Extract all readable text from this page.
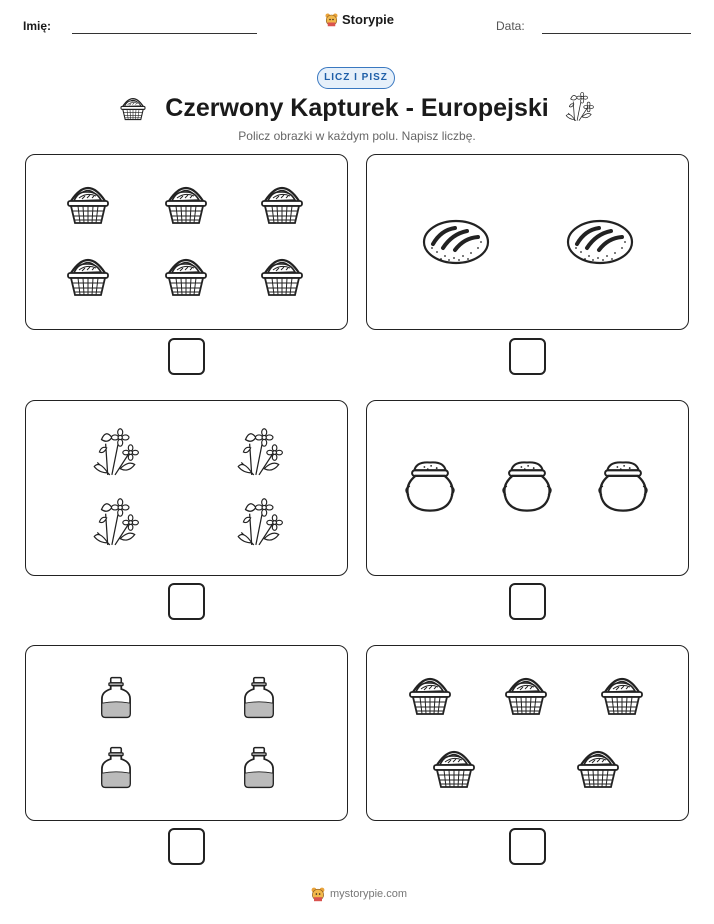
Imię:	Storypie	Data:
LICZ I PISZ
Czerwony Kapturek - Europejski
Policz obrazki w każdym polu. Napisz liczbę.
mystorypie.com
